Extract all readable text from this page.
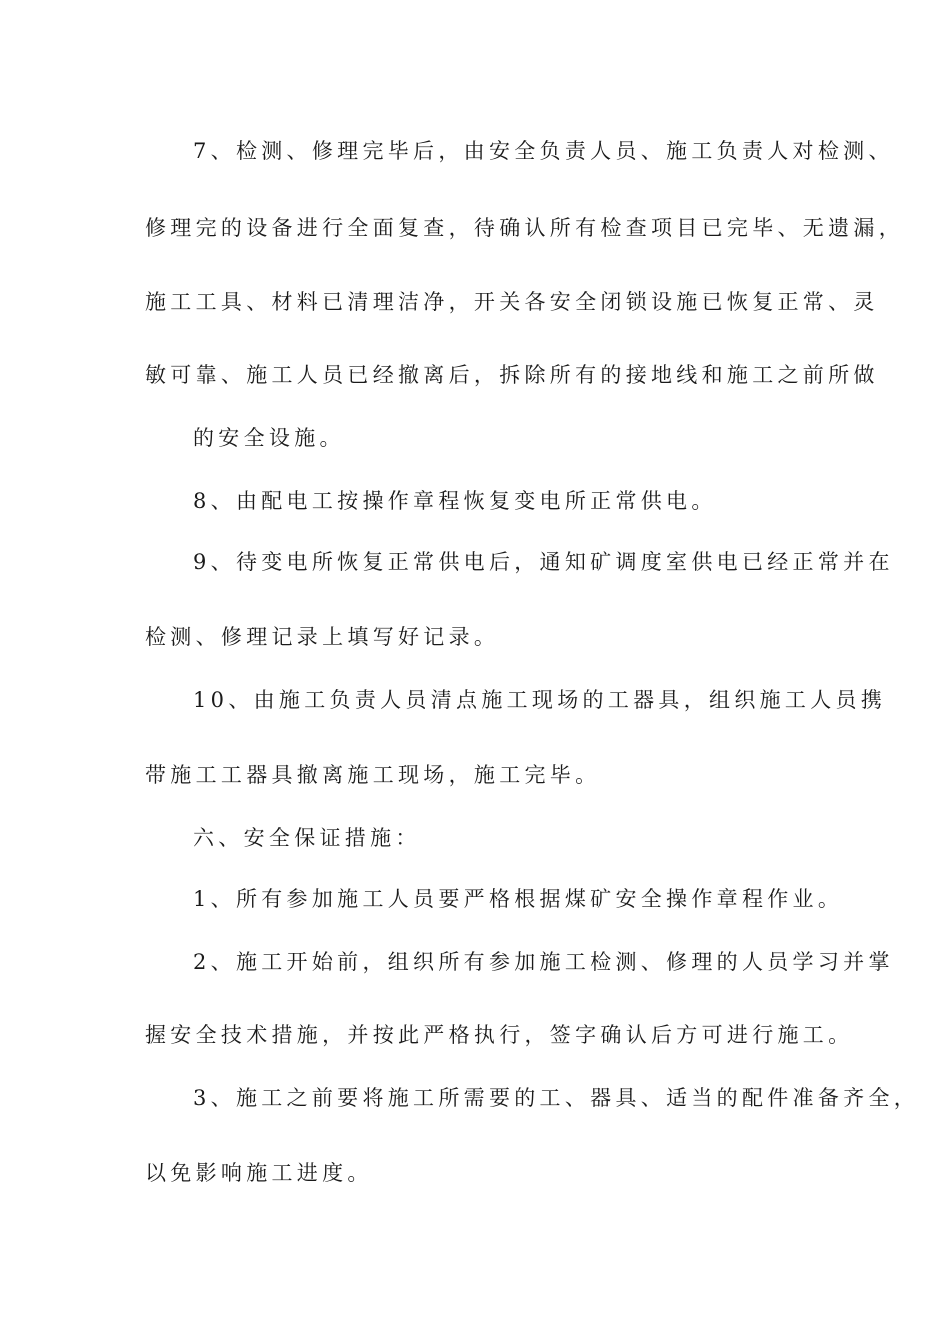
7、检测、修理完毕后，由安全负责人员、施工负责人对检测、
修理完的设备进行全面复查，待确认所有检查项目已完毕、无遗漏，
施工工具、材料已清理洁净，开关各安全闭锁设施已恢复正常、灵
敏可靠、施工人员已经撤离后，拆除所有的接地线和施工之前所做
的安全设施。
8、由配电工按操作章程恢复变电所正常供电。
9、待变电所恢复正常供电后，通知矿调度室供电已经正常并在
检测、修理记录上填写好记录。
10、由施工负责人员清点施工现场的工器具，组织施工人员携
带施工工器具撤离施工现场，施工完毕。
六、安全保证措施：
1、所有参加施工人员要严格根据煤矿安全操作章程作业。
2、施工开始前，组织所有参加施工检测、修理的人员学习并掌
握安全技术措施，并按此严格执行，签字确认后方可进行施工。
3、施工之前要将施工所需要的工、器具、适当的配件准备齐全，
以免影响施工进度。
